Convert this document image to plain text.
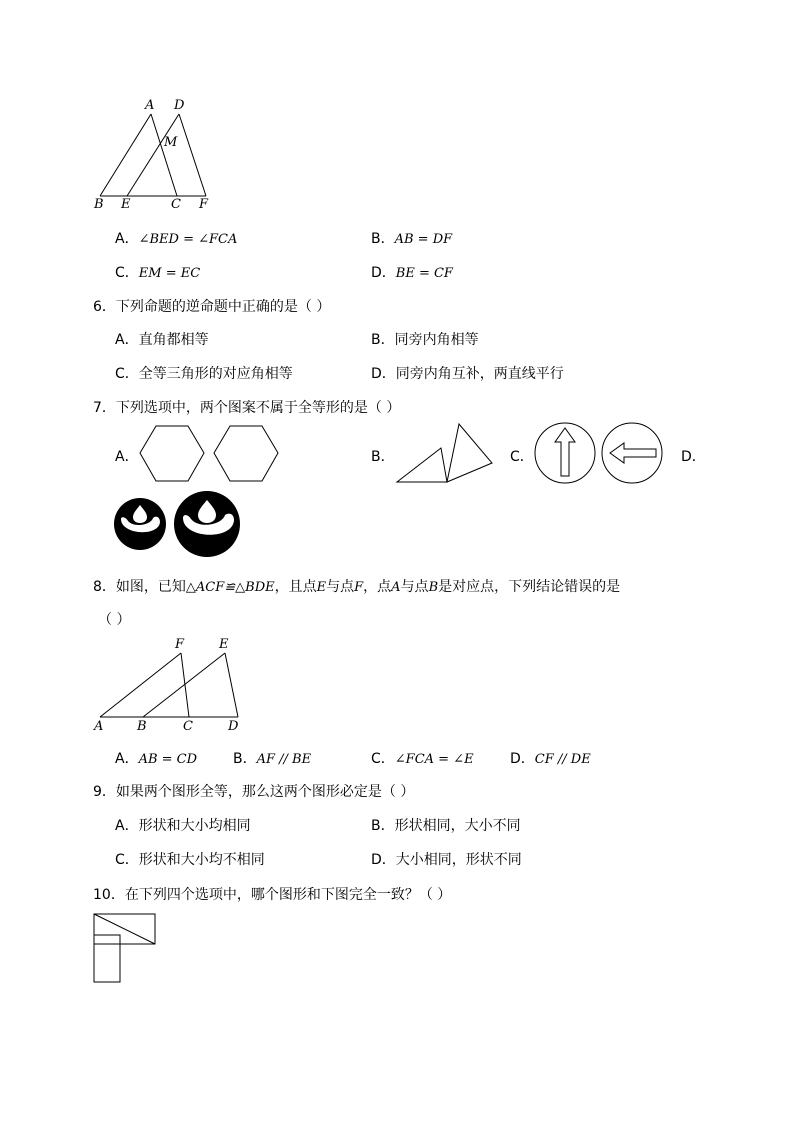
A D
M
B E	C F
A．∠BED = ∠FCA	B．AB = DF
C．EM = EC	D．BE = CF
6．下列命题的逆命题中正确的是（ ）
A．直角都相等	B．同旁内角相等
C．全等三角形的对应角相等	D．同旁内角互补，两直线平行
7．下列选项中，两个图案不属于全等形的是（ ）
A．	B．	C．	D．
8．如图，已知△ACF≌△BDE，且点E与点F，点A与点B是对应点，下列结论错误的是
（ ）
F	E
A	B	C	D
A．AB = CD	B．AF // BE	C．∠FCA = ∠E	D．CF // DE
9．如果两个图形全等，那么这两个图形必定是（ ）
A．形状和大小均相同	B．形状相同，大小不同
C．形状和大小均不相同	D．大小相同，形状不同
10．在下列四个选项中，哪个图形和下图完全一致？（ ）
